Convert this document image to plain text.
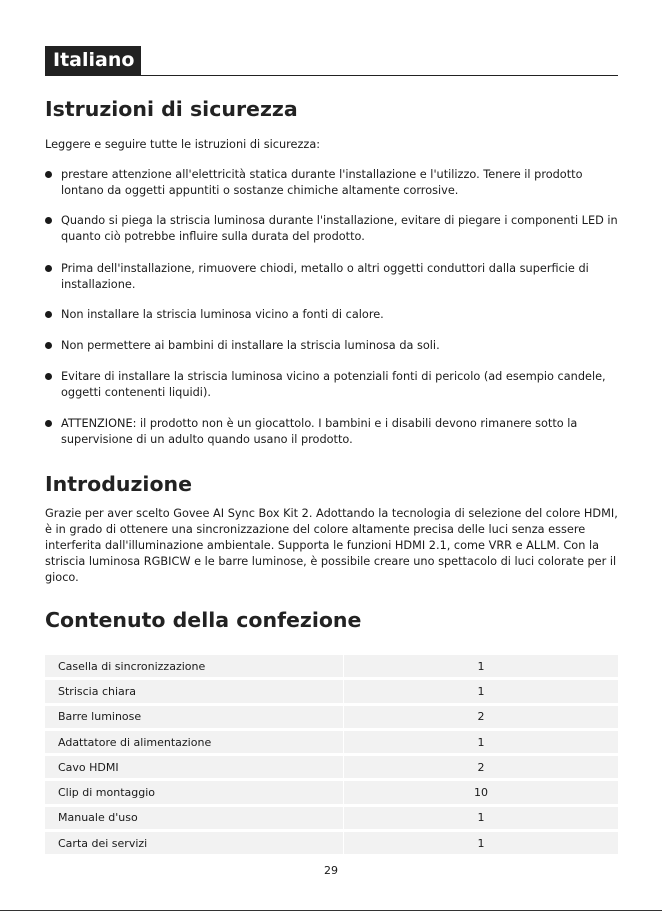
Italiano
Istruzioni di sicurezza
Leggere e seguire tutte le istruzioni di sicurezza:
prestare attenzione all'elettricità statica durante l'installazione e l'utilizzo. Tenere il prodotto lontano da oggetti appuntiti o sostanze chimiche altamente corrosive.
Quando si piega la striscia luminosa durante l'installazione, evitare di piegare i componenti LED in quanto ciò potrebbe influire sulla durata del prodotto.
Prima dell'installazione, rimuovere chiodi, metallo o altri oggetti conduttori dalla superficie di installazione.
Non installare la striscia luminosa vicino a fonti di calore.
Non permettere ai bambini di installare la striscia luminosa da soli.
Evitare di installare la striscia luminosa vicino a potenziali fonti di pericolo (ad esempio candele, oggetti contenenti liquidi).
ATTENZIONE: il prodotto non è un giocattolo. I bambini e i disabili devono rimanere sotto la supervisione di un adulto quando usano il prodotto.
Introduzione

Grazie per aver scelto Govee AI Sync Box Kit 2. Adottando la tecnologia di selezione del colore HDMI, è in grado di ottenere una sincronizzazione del colore altamente precisa delle luci senza essere interferita dall'illuminazione ambientale. Supporta le funzioni HDMI 2.1, come VRR e ALLM. Con la striscia luminosa RGBICW e le barre luminose, è possibile creare uno spettacolo di luci colorate per il gioco.

Contenuto della confezione
Casella di sincronizzazione	1
Striscia chiara	1
Barre luminose	2
Adattatore di alimentazione	1
Cavo HDMI	2
Clip di montaggio	10
Manuale d'uso	1
Carta dei servizi	1
29
